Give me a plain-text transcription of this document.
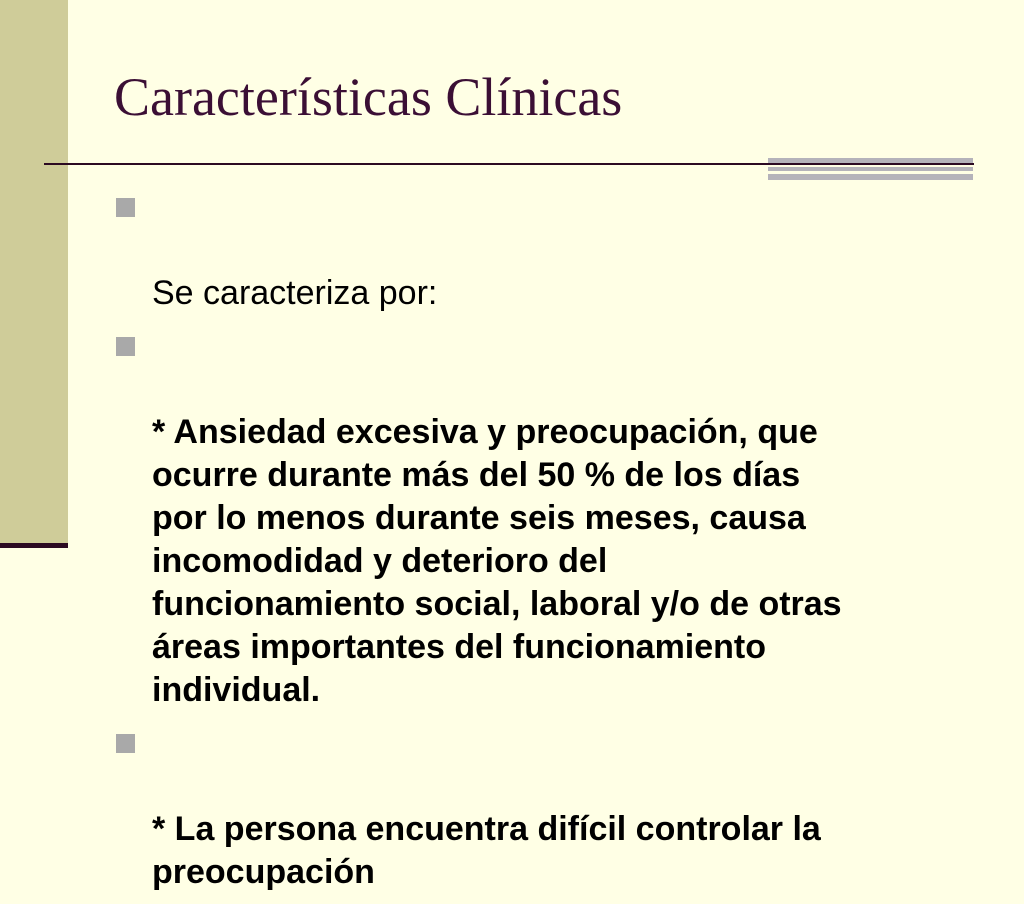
Características Clínicas

Se caracteriza por:

* Ansiedad excesiva y preocupación, que
ocurre durante más del 50 % de los días
por lo menos durante seis meses, causa
incomodidad y deterioro del
funcionamiento social, laboral y/o de otras
áreas importantes del funcionamiento
individual.

* La persona encuentra difícil controlar la
preocupación
